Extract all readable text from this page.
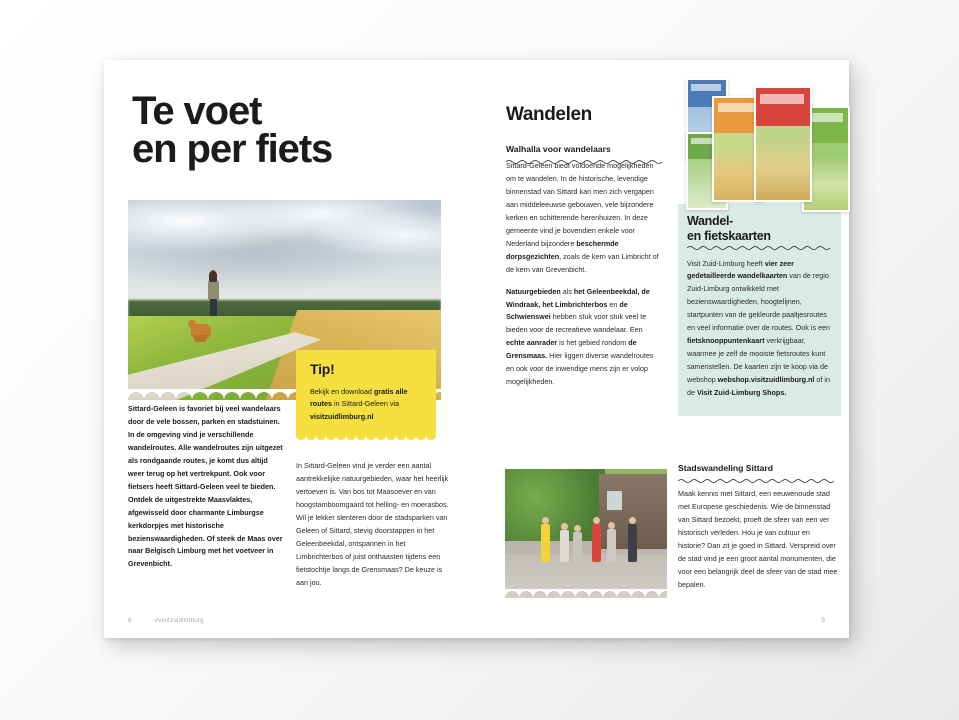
Te voet
en per fiets
Tip!
Bekijk en download gratis alle routes in Sittard-Geleen via visitzuidlimburg.nl
Sittard-Geleen is favoriet bij veel wandelaars door de vele bossen, parken en stadstuinen. In de omgeving vind je verschillende wandelroutes. Alle wandelroutes zijn uitgezet als rondgaande routes, je komt dus altijd weer terug op het vertrekpunt. Ook voor fietsers heeft Sittard-Geleen veel te bieden. Ontdek de uitgestrekte Maasvlaktes, afgewisseld door charmante Limburgse kerkdorpjes met historische bezienswaardigheden. Of steek de Maas over naar Belgisch Limburg met het voetveer in Grevenbicht.
In Sittard-Geleen vind je verder een aantal aantrekkelijke natuurgebieden, waar het heerlijk vertoeven is. Van bos tot Maasoever en van hoogstamboomgaard tot helling- en moerasbos. Wil je lekker slenteren door de stadsparken van Geleen of Sittard, stevig doorstappen in het Geleenbeekdal, ontspannen in het Limbrichterbos of juist onthaasten tijdens een fietstochtje langs de Grensmaas? De keuze is aan jou.
8	#visitzuidlimburg
Wandelen
Walhalla voor wandelaars

Sittard-Geleen biedt voldoende mogelijkheden om te wandelen. In de historische, levendige binnenstad van Sittard kan men zich vergapen aan middeleeuwse gebouwen, vele bijzondere kerken en schitterende herenhuizen. In deze gemeente vind je bovendien enkele voor Nederland bijzondere beschermde dorpsgezichten, zoals de kern van Limbricht of de kern van Grevenbicht.

Natuurgebieden als het Geleenbeekdal, de Windraak, het Limbrichterbos en de Schwienswei hebben stuk voor stuk veel te bieden voor de recreatieve wandelaar. Een echte aanrader is het gebied rondom de Grensmaas. Hier liggen diverse wandelroutes en ook voor de inwendige mens zijn er volop mogelijkheden.

Wandel-
en fietskaarten
Visit Zuid-Limburg heeft vier zeer gedetailleerde wandelkaarten van de regio Zuid-Limburg ontwikkeld met bezienswaardigheden, hoogtelijnen, startpunten van de gekleurde paaltjesroutes en veel informatie over de routes. Ook is een fietsknooppuntenkaart verkrijgbaar, waarmee je zelf de mooiste fietsroutes kunt samenstellen. De kaarten zijn te koop via de webshop webshop.visitzuidlimburg.nl of in de Visit Zuid-Limburg Shops.
Stadswandeling Sittard
Maak kennis met Sittard, een eeuwenoude stad met Europese geschiedenis. Wie de binnenstad van Sittard bezoekt, proeft de sfeer van een ver historisch verleden. Hou je van cultuur en historie? Dan zit je goed in Sittard. Verspreid over de stad vind je een groot aantal monumenten, die voor een belangrijk deel de sfeer van de stad mee bepalen.
9
